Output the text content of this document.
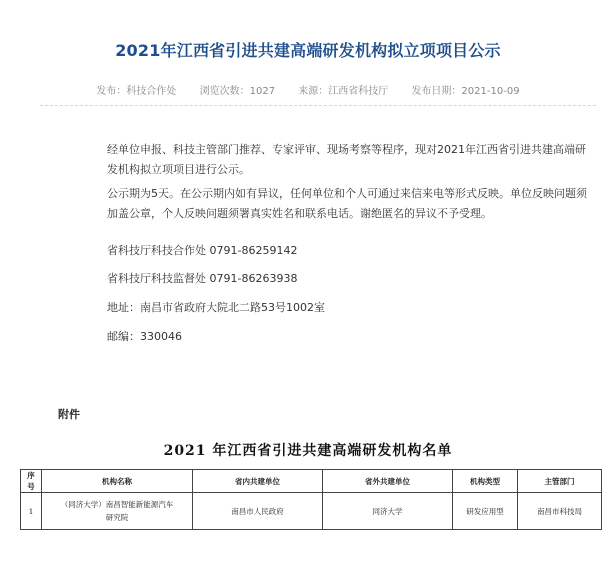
2021年江西省引进共建高端研发机构拟立项项目公示
发布：科技合作处 浏览次数：1027 来源：江西省科技厅 发布日期：2021-10-09
经单位申报、科技主管部门推荐、专家评审、现场考察等程序，现对2021年江西省引进共建高端研
发机构拟立项项目进行公示。
公示期为5天。在公示期内如有异议，任何单位和个人可通过来信来电等形式反映。单位反映问题须
加盖公章，个人反映问题须署真实姓名和联系电话。谢绝匿名的异议不予受理。
省科技厅科技合作处 0791-86259142
省科技厅科技监督处 0791-86263938
地址：南昌市省政府大院北二路53号1002室
邮编：330046
附件
2021 年江西省引进共建高端研发机构名单
序号	机构名称	省内共建单位	省外共建单位	机构类型	主管部门
1	（同济大学）南昌智能新能源汽车
研究院	南昌市人民政府	同济大学	研发应用型	南昌市科技局
